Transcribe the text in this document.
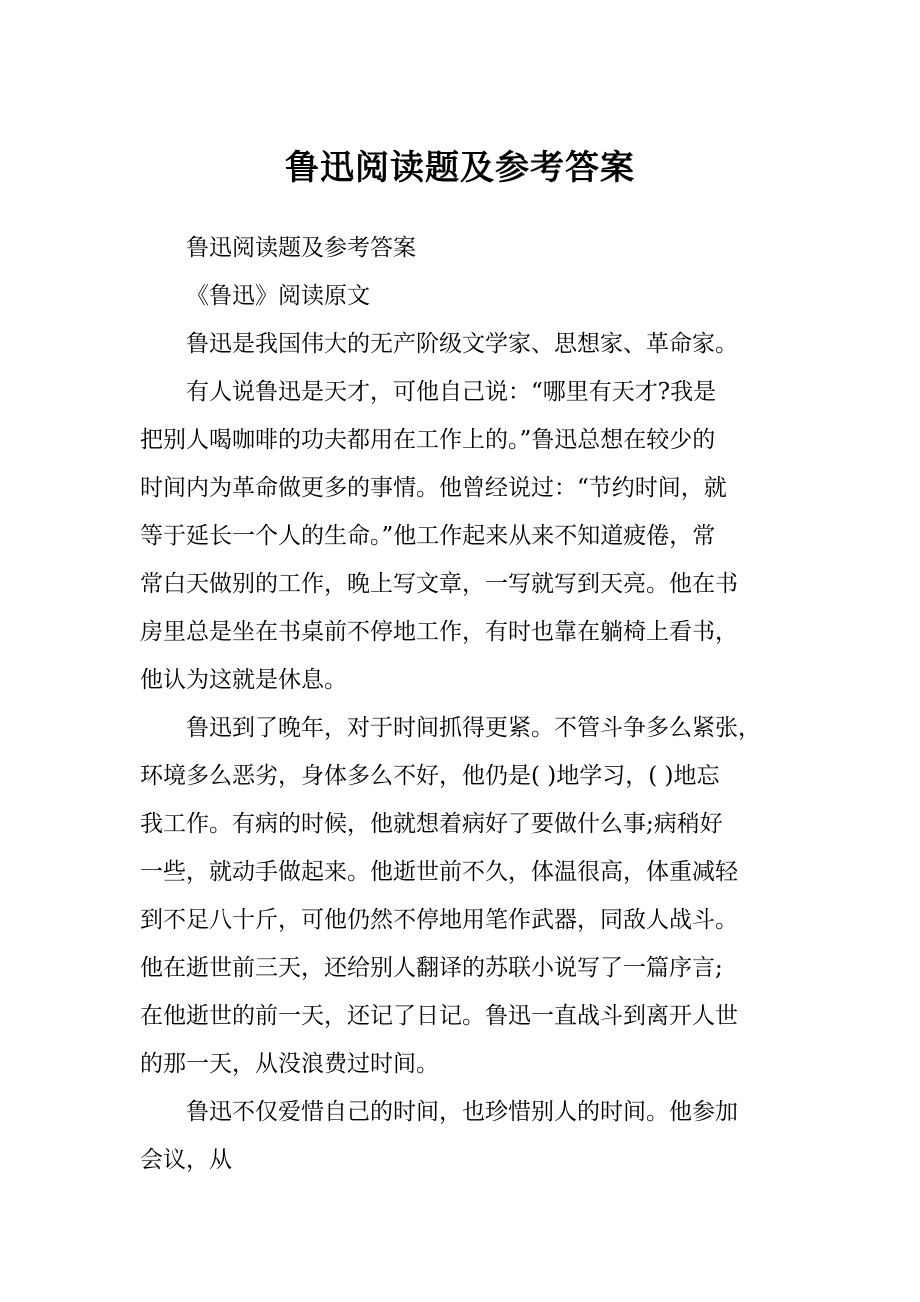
鲁迅阅读题及参考答案

鲁迅阅读题及参考答案

《鲁迅》阅读原文

鲁迅是我国伟大的无产阶级文学家、思想家、革命家。

有人说鲁迅是天才，可他自己说：“哪里有天才?我是
把别人喝咖啡的功夫都用在工作上的。”鲁迅总想在较少的
时间内为革命做更多的事情。他曾经说过：“节约时间，就
等于延长一个人的生命。”他工作起来从来不知道疲倦，常
常白天做别的工作，晚上写文章，一写就写到天亮。他在书
房里总是坐在书桌前不停地工作，有时也靠在躺椅上看书，
他认为这就是休息。

鲁迅到了晚年，对于时间抓得更紧。不管斗争多么紧张，
环境多么恶劣，身体多么不好，他仍是( )地学习，( )地忘
我工作。有病的时候，他就想着病好了要做什么事;病稍好
一些，就动手做起来。他逝世前不久，体温很高，体重减轻
到不足八十斤，可他仍然不停地用笔作武器，同敌人战斗。
他在逝世前三天，还给别人翻译的苏联小说写了一篇序言;
在他逝世的前一天，还记了日记。鲁迅一直战斗到离开人世
的那一天，从没浪费过时间。

鲁迅不仅爱惜自己的时间，也珍惜别人的时间。他参加
会议，从
